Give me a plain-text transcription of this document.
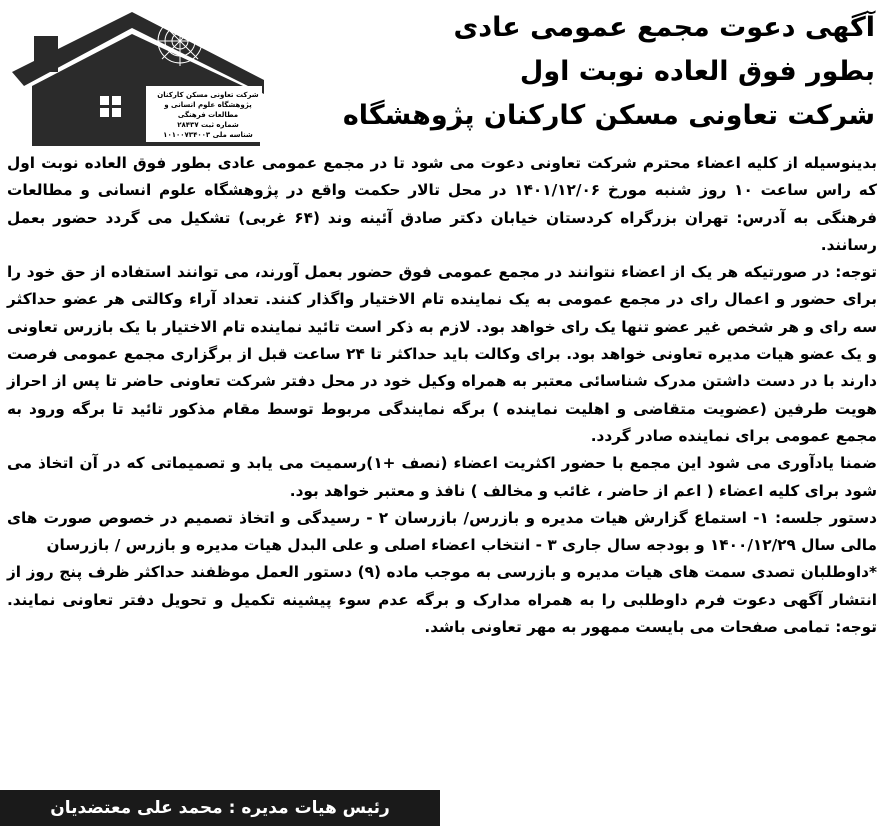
آگهی دعوت مجمع عمومی عادی
بطور فوق العاده نوبت اول
شرکت تعاونی مسکن کارکنان پژوهشگاه
شرکت تعاونی مسکن کارکنان
پژوهشگاه علوم انسانی و مطالعات فرهنگی
شماره ثبت ۲۸۴۳۷
شناسه ملی ۱۰۱۰۰۷۳۴۰۰۳

بدینوسیله از کلیه اعضاء محترم شرکت تعاونی دعوت می شود تا در مجمع عمومی عادی بطور فوق العاده نوبت اول که راس ساعت ۱۰ روز شنبه مورخ ۱۴۰۱/۱۲/۰۶ در محل تالار حکمت واقع در پژوهشگاه علوم انسانی و مطالعات فرهنگی به آدرس: تهران بزرگراه کردستان خیابان دکتر صادق آئینه وند (۶۴ غربی) تشکیل می گردد حضور بعمل رسانند.

توجه: در صورتیکه هر یک از اعضاء نتوانند در مجمع عمومی فوق حضور بعمل آورند، می توانند استفاده از حق خود را برای حضور و اعمال رای در مجمع عمومی به یک نماینده تام الاختیار واگذار کنند. تعداد آراء وکالتی هر عضو حداکثر سه رای و هر شخص غیر عضو تنها یک رای خواهد بود. لازم به ذکر است تائید نماینده تام الاختیار با یک بازرس تعاونی و یک عضو هیات مدیره تعاونی خواهد بود. برای وکالت باید حداکثر تا ۲۴ ساعت قبل از برگزاری مجمع عمومی فرصت دارند با در دست داشتن مدرک شناسائی معتبر به همراه وکیل خود در محل دفتر شرکت تعاونی حاضر تا پس از احراز هویت طرفین (عضویت متقاضی و اهلیت نماینده ) برگه نمایندگی مربوط توسط مقام مذکور تائید تا برگه ورود به مجمع عمومی برای نماینده صادر گردد.

ضمنا یادآوری می شود این مجمع با حضور اکثریت اعضاء (نصف +۱)رسمیت می یابد و تصمیماتی که در آن اتخاذ می شود برای کلیه اعضاء ( اعم از حاضر ، غائب و مخالف ) نافذ و معتبر خواهد بود.

دستور جلسه: ۱- استماع گزارش هیات مدیره و بازرس/ بازرسان ۲ - رسیدگی و اتخاذ تصمیم در خصوص صورت های مالی سال ۱۴۰۰/۱۲/۲۹ و بودجه سال جاری ۳ - انتخاب اعضاء اصلی و علی البدل هیات مدیره و بازرس / بازرسان

*داوطلبان تصدی سمت های هیات مدیره و بازرسی به موجب ماده (۹) دستور العمل موظفند حداکثر ظرف پنج روز از انتشار آگهی دعوت فرم داوطلبی را به همراه مدارک و برگه عدم سوء پیشینه تکمیل و تحویل دفتر تعاونی نمایند. توجه: تمامی صفحات می بایست ممهور به مهر تعاونی باشد.

رئیس هیات مدیره : محمد علی معتضدیان
